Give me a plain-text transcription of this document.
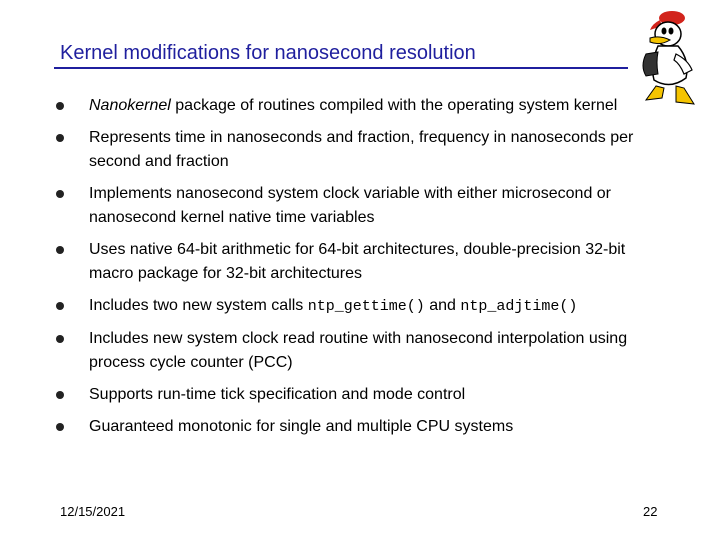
Kernel modifications for nanosecond resolution
Nanokernel package of routines compiled with the operating system kernel
Represents time in nanoseconds and fraction, frequency in nanoseconds per second and fraction
Implements nanosecond system clock variable with either microsecond or nanosecond kernel native time variables
Uses native 64-bit arithmetic for 64-bit architectures, double-precision 32-bit macro package for 32-bit architectures
Includes two new system calls ntp_gettime() and ntp_adjtime()
Includes new system clock read routine with nanosecond interpolation using process cycle counter (PCC)
Supports run-time tick specification and mode control
Guaranteed monotonic for single and multiple CPU systems
12/15/2021	22
